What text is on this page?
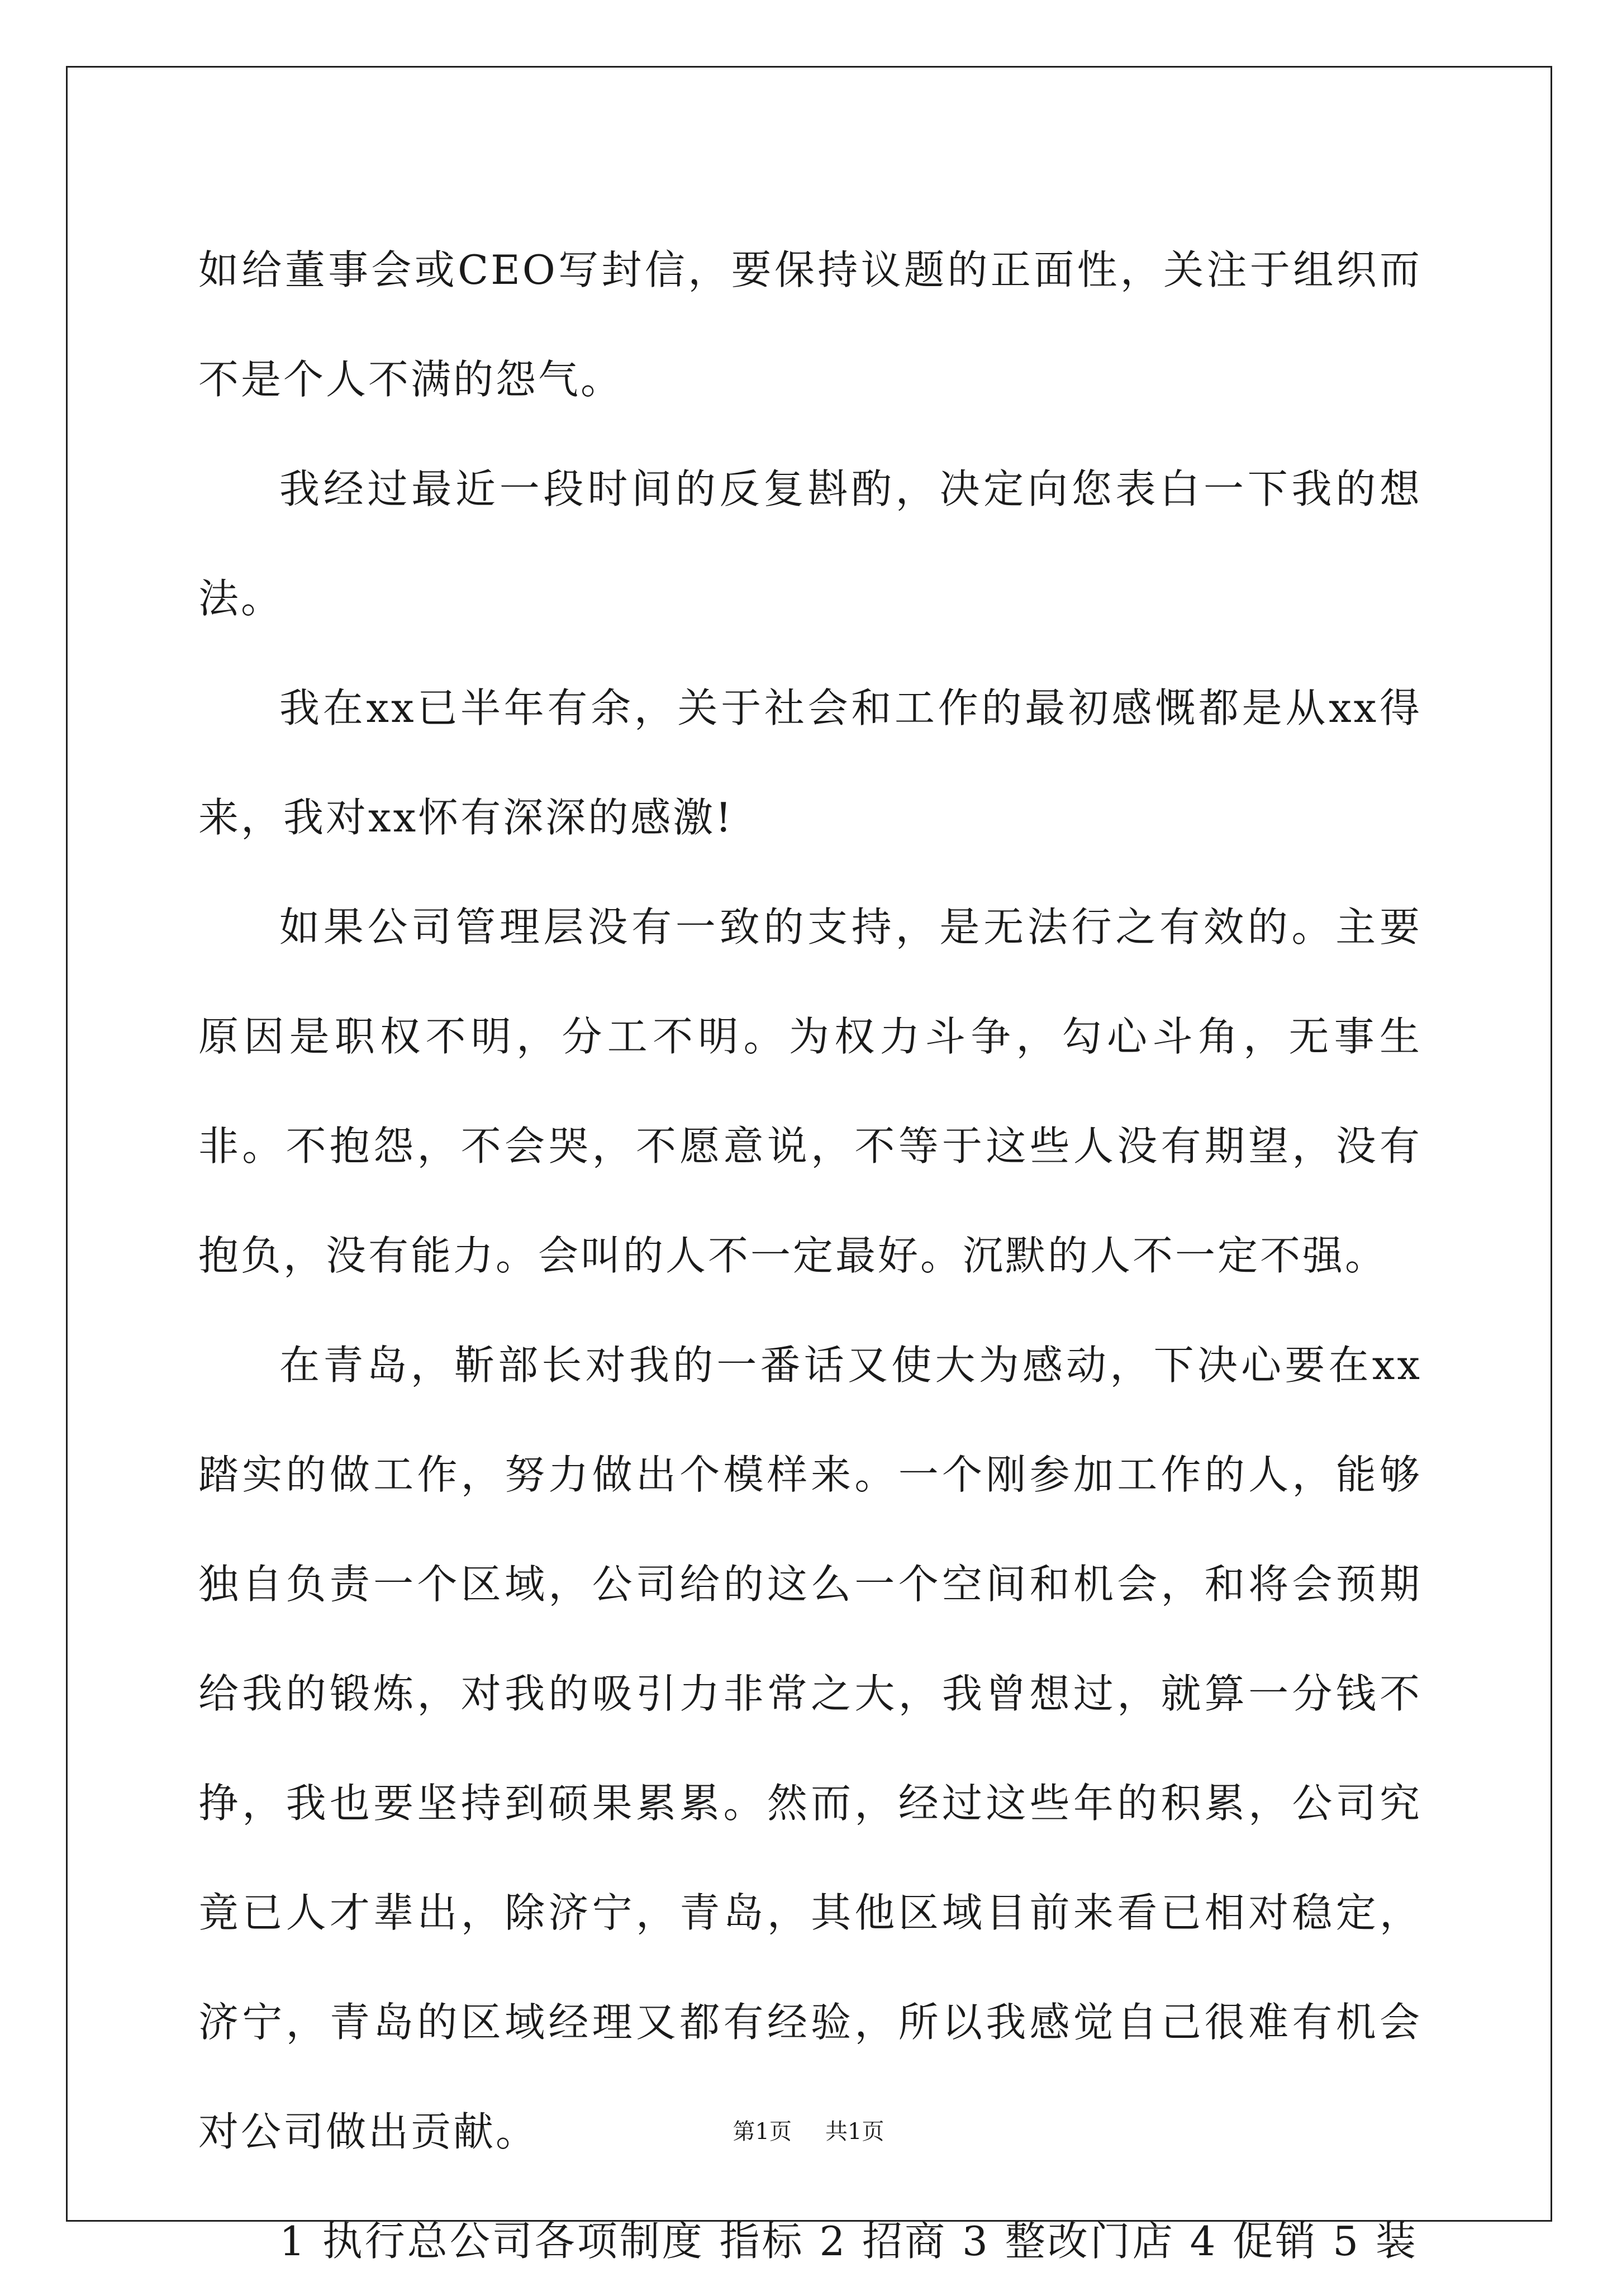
如给董事会或CEO写封信，要保持议题的正面性，关注于组织而不是个人不满的怨气。

我经过最近一段时间的反复斟酌，决定向您表白一下我的想法。

我在xx已半年有余，关于社会和工作的最初感慨都是从xx得来，我对xx怀有深深的感激!

如果公司管理层没有一致的支持，是无法行之有效的。主要原因是职权不明，分工不明。为权力斗争，勾心斗角，无事生非。不抱怨，不会哭，不愿意说，不等于这些人没有期望，没有抱负，没有能力。会叫的人不一定最好。沉默的人不一定不强。

在青岛，靳部长对我的一番话又使大为感动，下决心要在xx踏实的做工作，努力做出个模样来。一个刚参加工作的人，能够独自负责一个区域，公司给的这么一个空间和机会，和将会预期给我的锻炼，对我的吸引力非常之大，我曾想过，就算一分钱不挣，我也要坚持到硕果累累。然而，经过这些年的积累，公司究竟已人才辈出，除济宁，青岛，其他区域目前来看已相对稳定，济宁，青岛的区域经理又都有经验，所以我感觉自己很难有机会对公司做出贡献。

1 执行总公司各项制度 指标 2 招商 3 整改门店 4 促销 5 装

第1页 共1页
